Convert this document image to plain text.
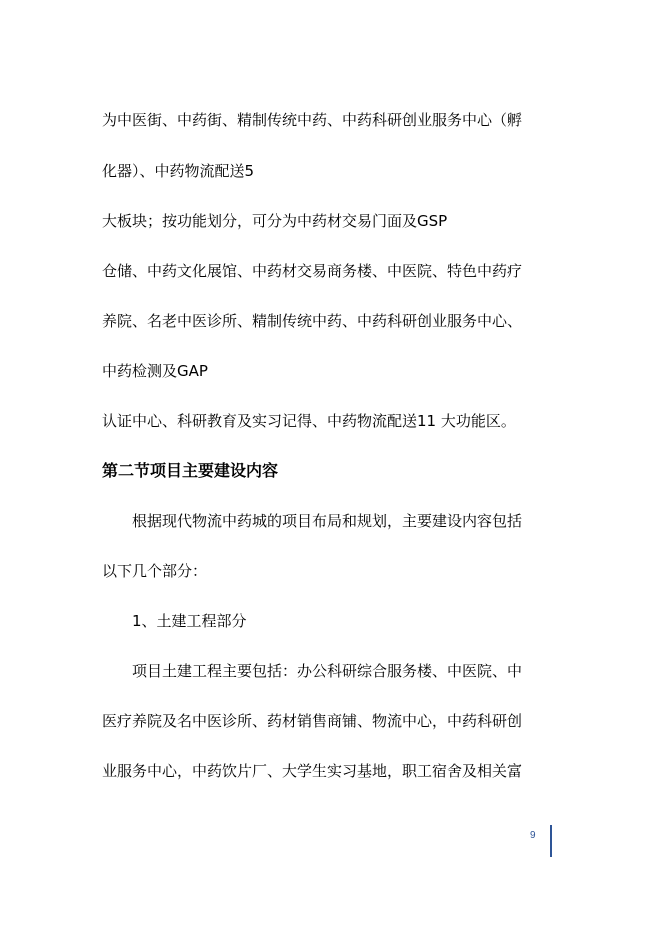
为中医街、中药街、精制传统中药、中药科研创业服务中心（孵
化器）、中药物流配送5
大板块；按功能划分，可分为中药材交易门面及GSP
仓储、中药文化展馆、中药材交易商务楼、中医院、特色中药疗
养院、名老中医诊所、精制传统中药、中药科研创业服务中心、
中药检测及GAP
认证中心、科研教育及实习记得、中药物流配送11 大功能区。
第二节项目主要建设内容
根据现代物流中药城的项目布局和规划，主要建设内容包括
以下几个部分：
1、土建工程部分
项目土建工程主要包括：办公科研综合服务楼、中医院、中
医疗养院及名中医诊所、药材销售商铺、物流中心，中药科研创
业服务中心，中药饮片厂、大学生实习基地，职工宿舍及相关富
9
